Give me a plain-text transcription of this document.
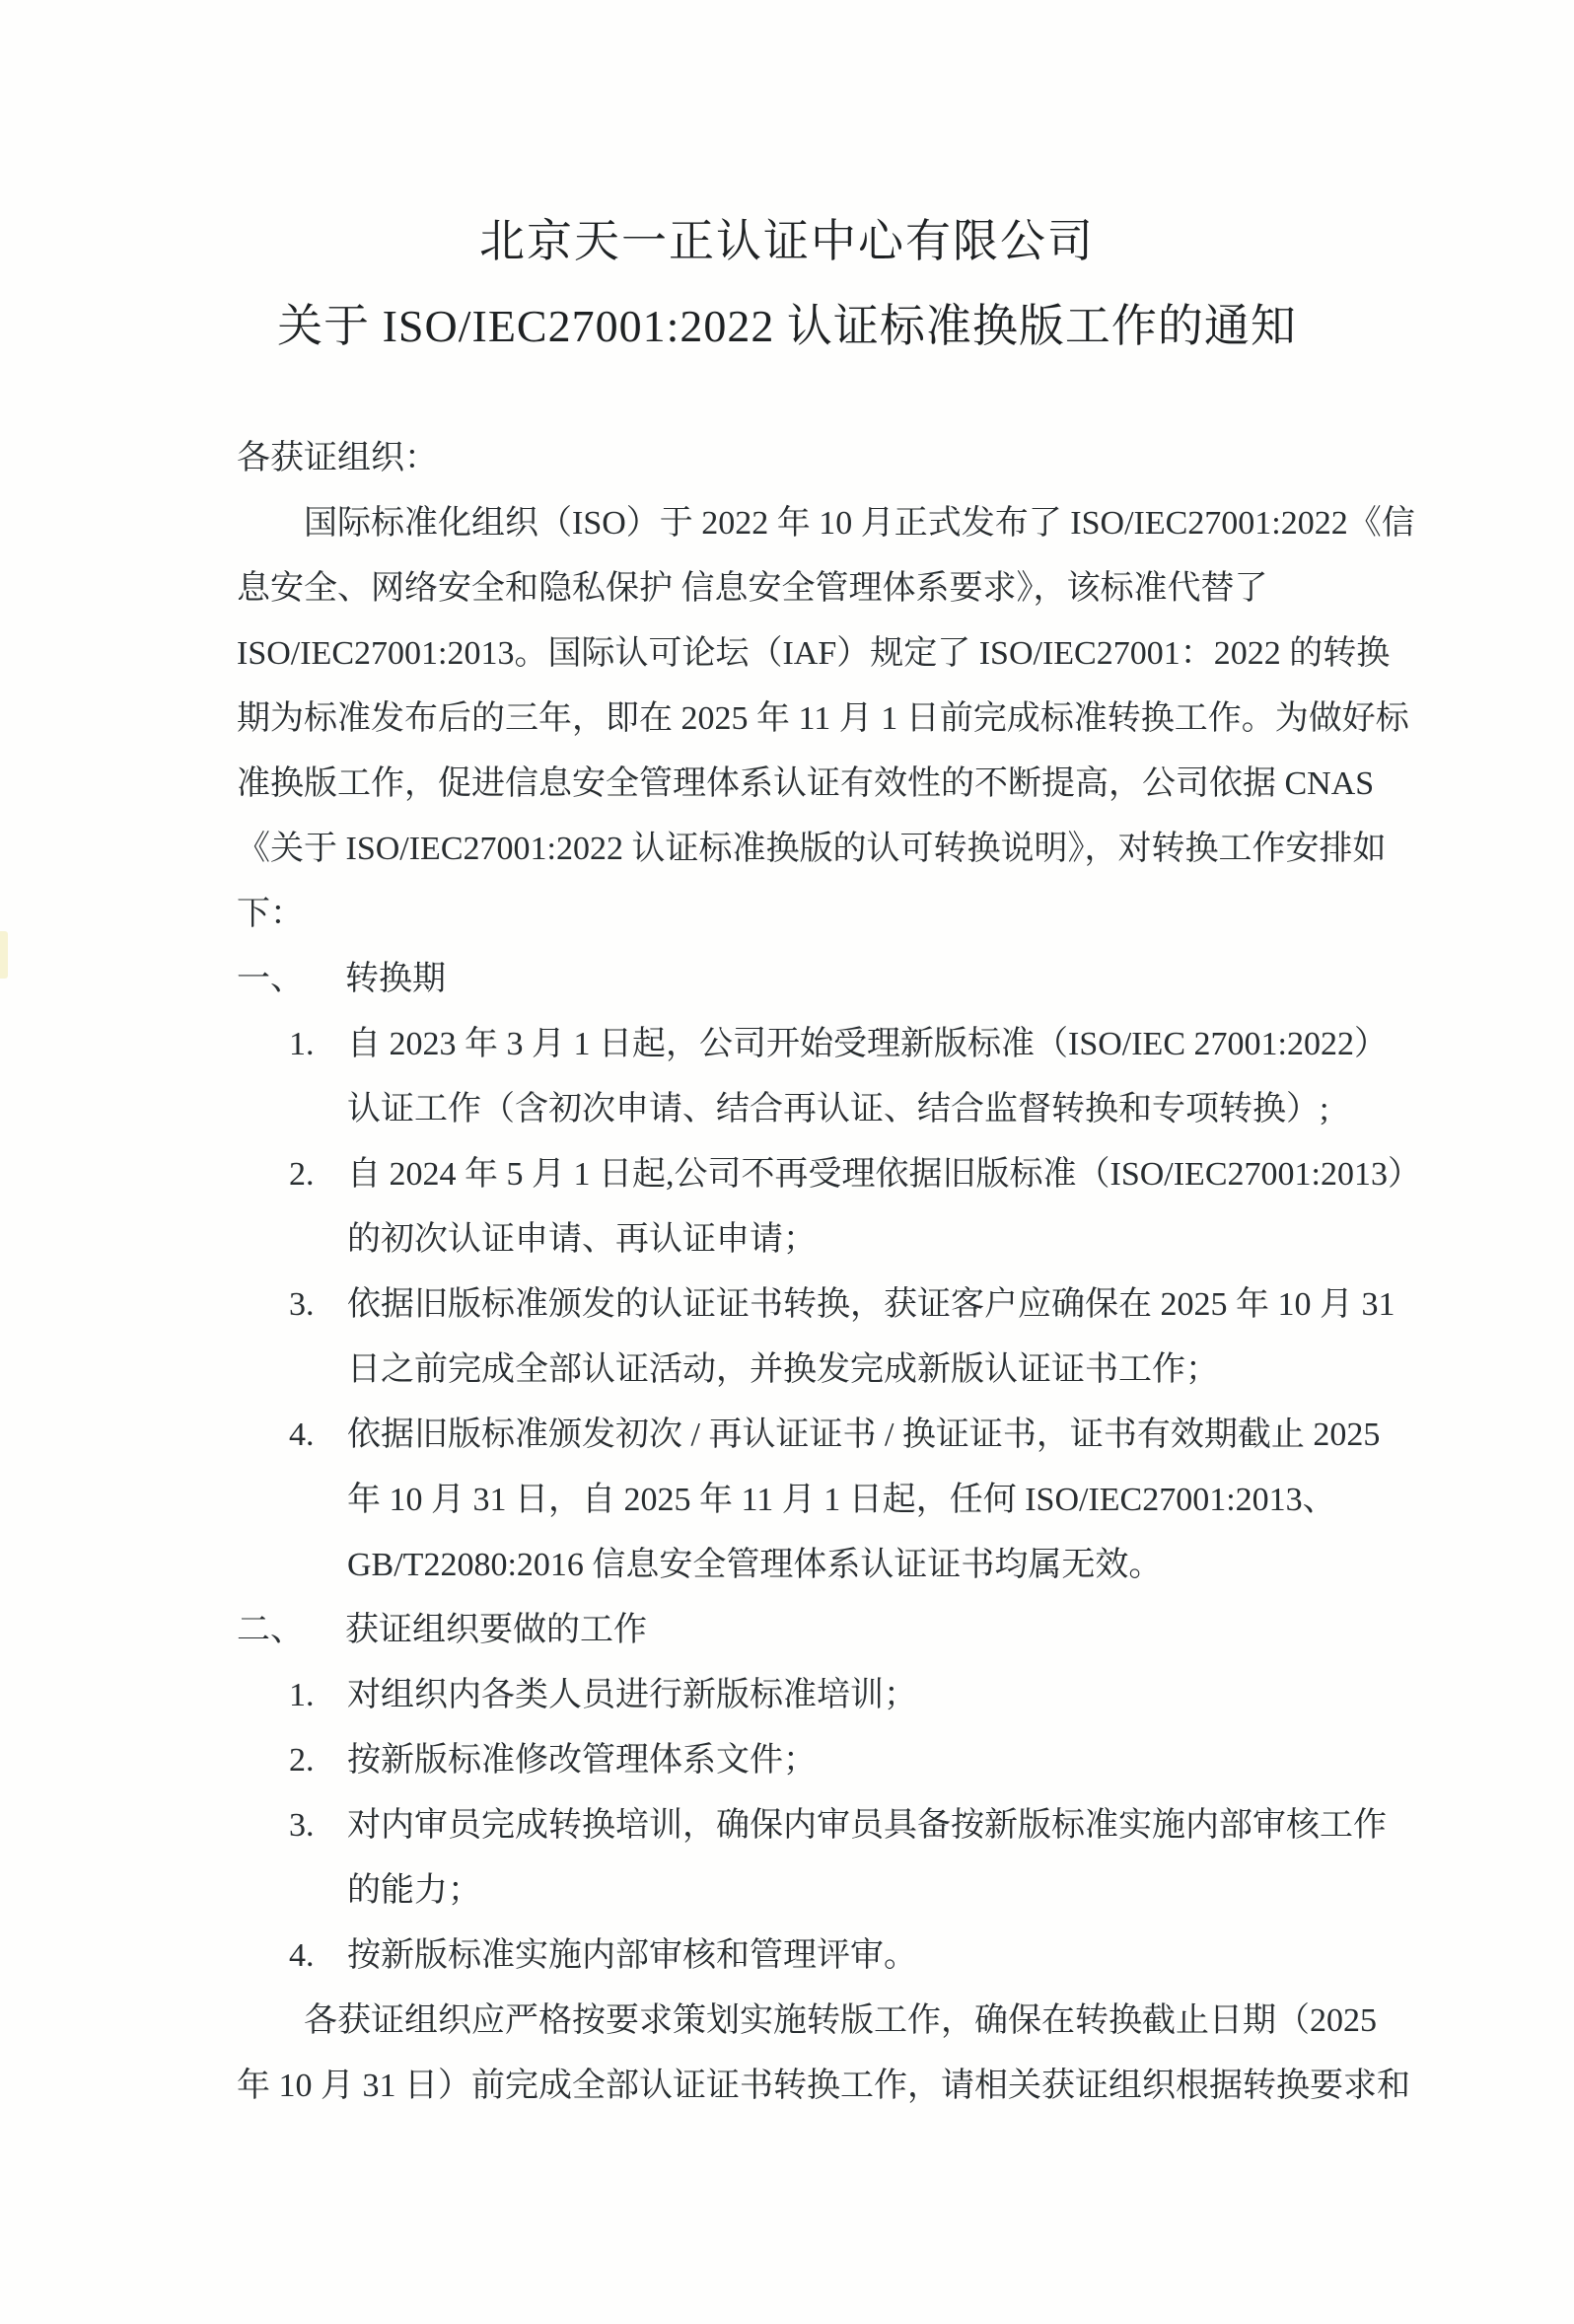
北京天一正认证中心有限公司
关于 ISO/IEC27001:2022 认证标准换版工作的通知
各获证组织：
国际标准化组织（ISO）于 2022 年 10 月正式发布了 ISO/IEC27001:2022《信
息安全、网络安全和隐私保护 信息安全管理体系要求》，该标准代替了
ISO/IEC27001:2013。国际认可论坛（IAF）规定了 ISO/IEC27001：2022 的转换
期为标准发布后的三年，即在 2025 年 11 月 1 日前完成标准转换工作。为做好标
准换版工作，促进信息安全管理体系认证有效性的不断提高，公司依据 CNAS
《关于 ISO/IEC27001:2022 认证标准换版的认可转换说明》，对转换工作安排如
下：
一、 转换期
1. 自 2023 年 3 月 1 日起，公司开始受理新版标准（ISO/IEC 27001:2022）
认证工作（含初次申请、结合再认证、结合监督转换和专项转换）;
2. 自 2024 年 5 月 1 日起,公司不再受理依据旧版标准（ISO/IEC27001:2013）
的初次认证申请、再认证申请；
3. 依据旧版标准颁发的认证证书转换，获证客户应确保在 2025 年 10 月 31
日之前完成全部认证活动，并换发完成新版认证证书工作；
4. 依据旧版标准颁发初次 / 再认证证书 / 换证证书，证书有效期截止 2025
年 10 月 31 日，自 2025 年 11 月 1 日起，任何 ISO/IEC27001:2013、
GB/T22080:2016 信息安全管理体系认证证书均属无效。
二、 获证组织要做的工作
1. 对组织内各类人员进行新版标准培训；
2. 按新版标准修改管理体系文件；
3. 对内审员完成转换培训，确保内审员具备按新版标准实施内部审核工作
的能力；
4. 按新版标准实施内部审核和管理评审。
各获证组织应严格按要求策划实施转版工作，确保在转换截止日期（2025
年 10 月 31 日）前完成全部认证证书转换工作，请相关获证组织根据转换要求和
